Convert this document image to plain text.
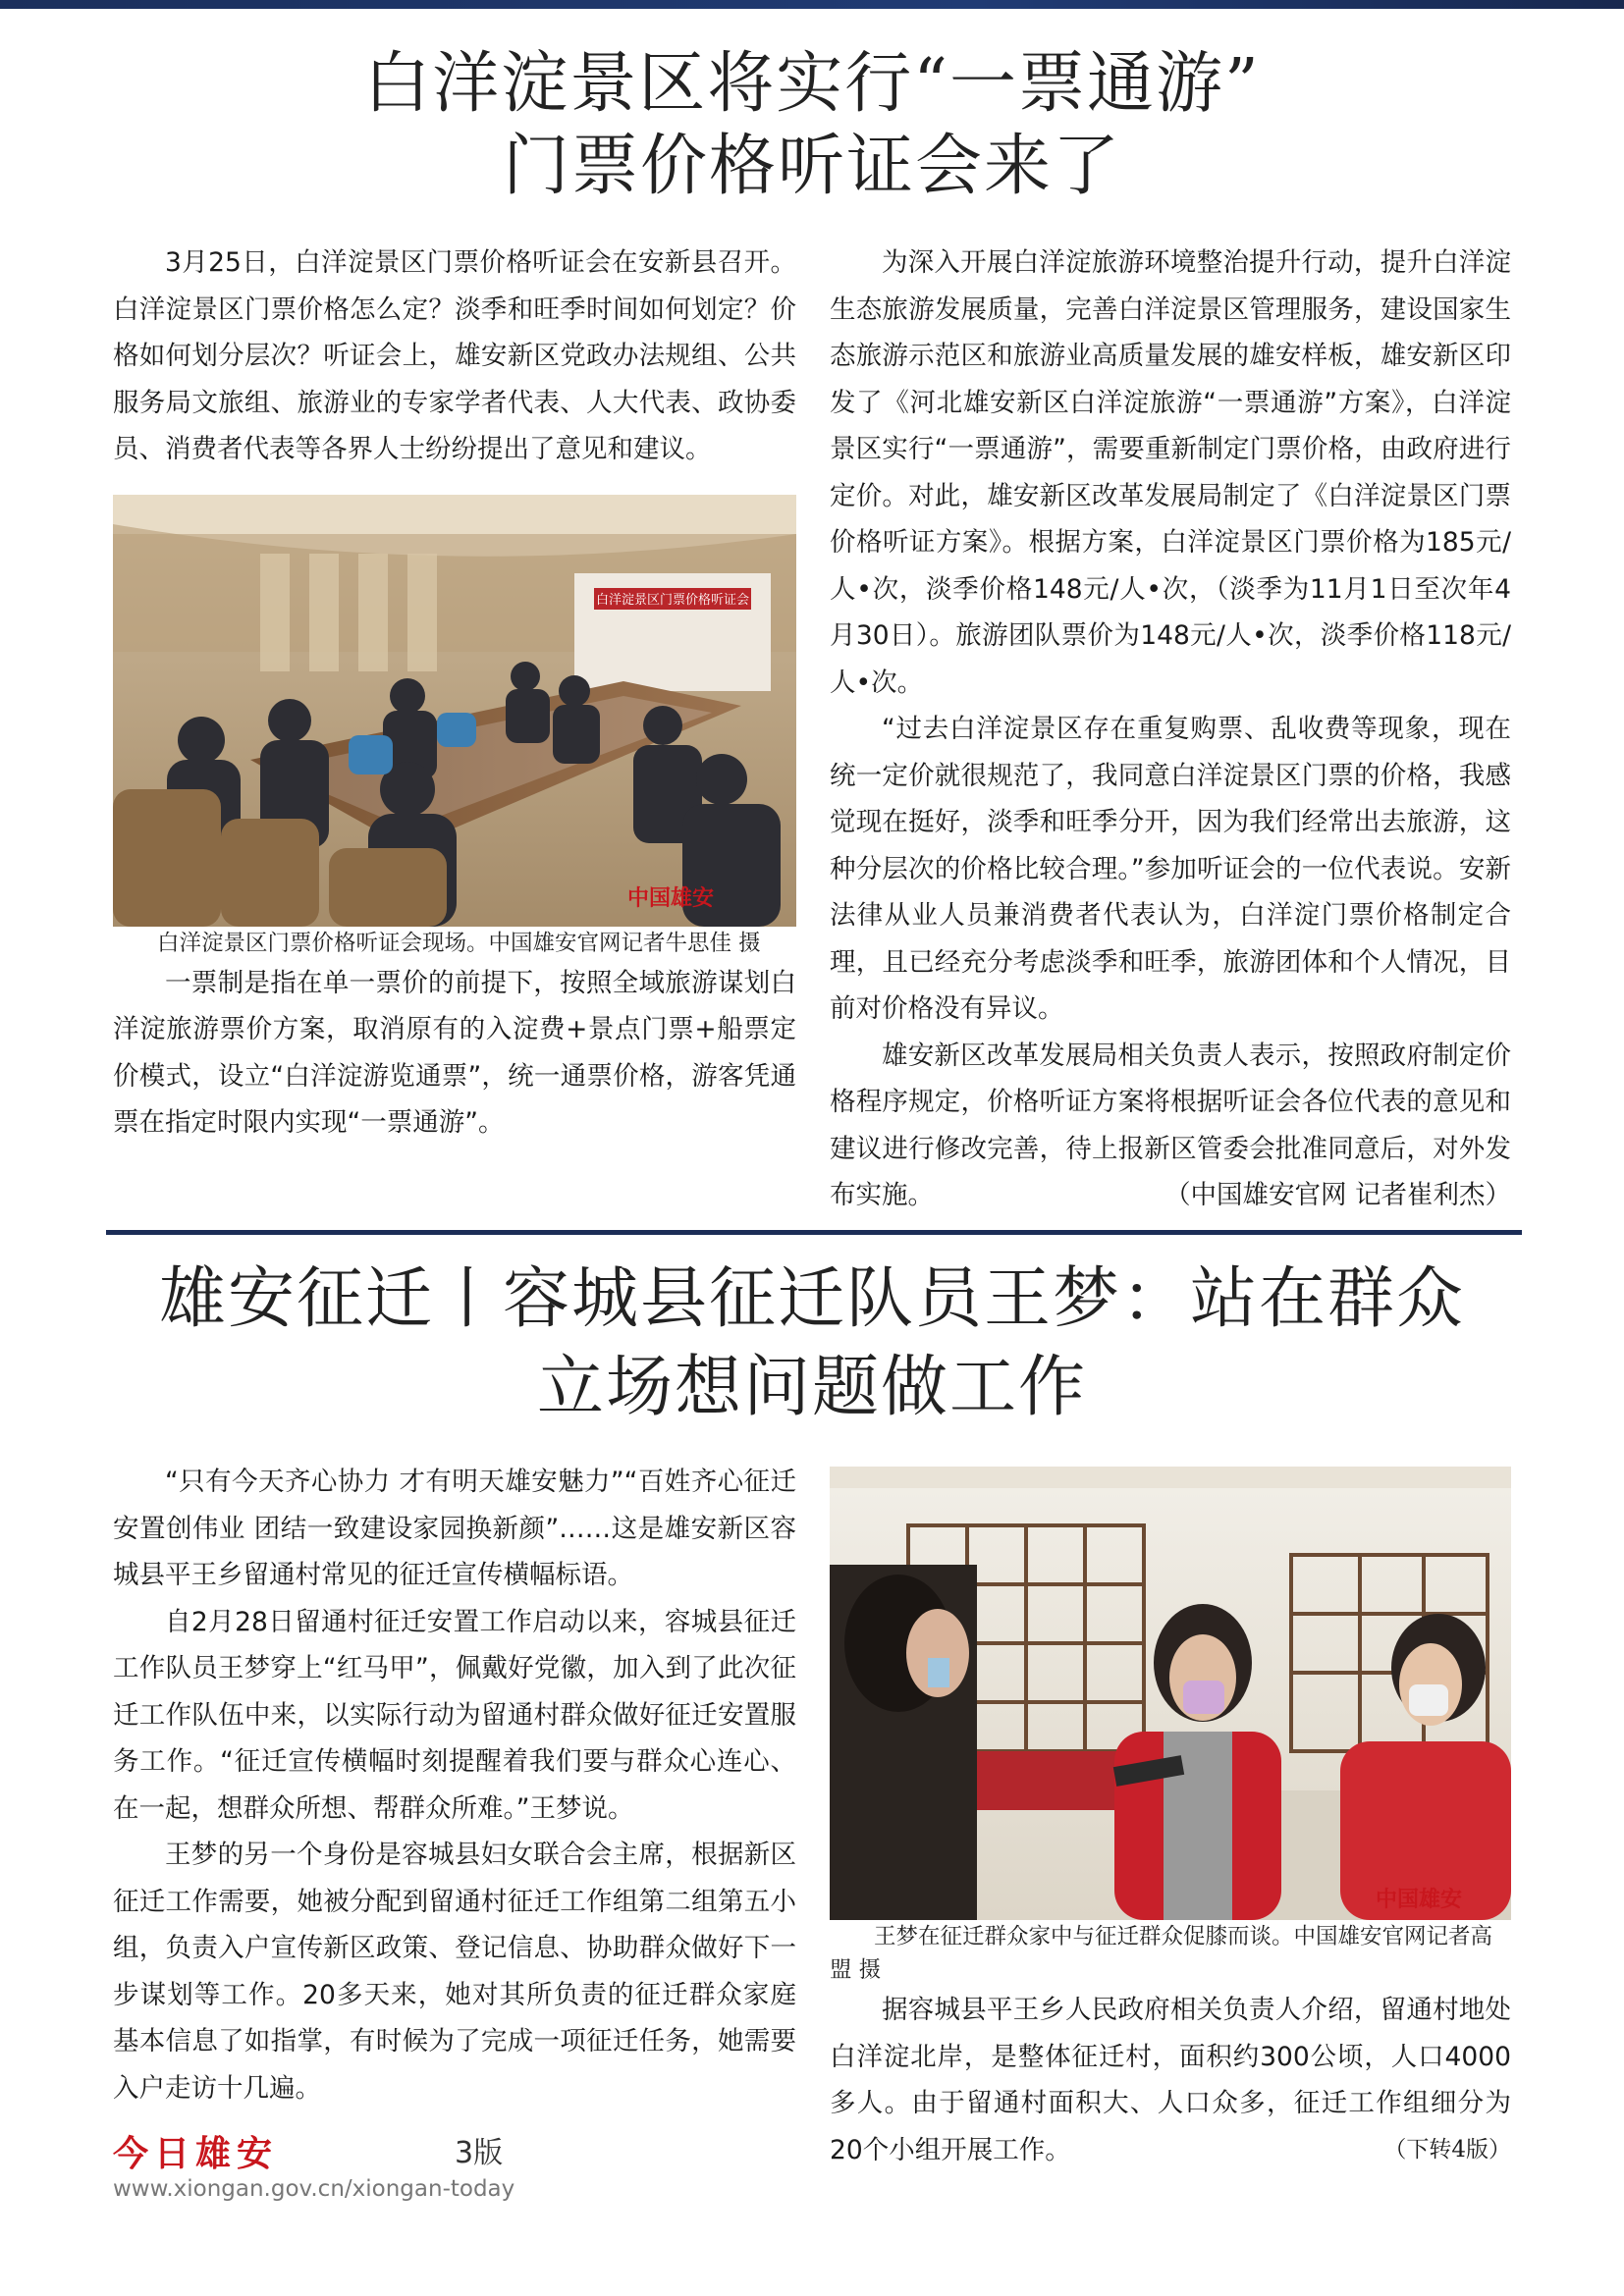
白洋淀景区将实行“一票通游”
门票价格听证会来了

3月25日，白洋淀景区门票价格听证会在安新县召开。白洋淀景区门票价格怎么定？淡季和旺季时间如何划定？价格如何划分层次？听证会上，雄安新区党政办法规组、公共服务局文旅组、旅游业的专家学者代表、人大代表、政协委员、消费者代表等各界人士纷纷提出了意见和建议。

白洋淀景区门票价格听证会
中国雄安

白洋淀景区门票价格听证会现场。中国雄安官网记者牛思佳 摄

一票制是指在单一票价的前提下，按照全域旅游谋划白洋淀旅游票价方案，取消原有的入淀费+景点门票+船票定价模式，设立“白洋淀游览通票”，统一通票价格，游客凭通票在指定时限内实现“一票通游”。

为深入开展白洋淀旅游环境整治提升行动，提升白洋淀生态旅游发展质量，完善白洋淀景区管理服务，建设国家生态旅游示范区和旅游业高质量发展的雄安样板，雄安新区印发了《河北雄安新区白洋淀旅游“一票通游”方案》，白洋淀景区实行“一票通游”，需要重新制定门票价格，由政府进行定价。对此，雄安新区改革发展局制定了《白洋淀景区门票价格听证方案》。根据方案，白洋淀景区门票价格为185元/人•次，淡季价格148元/人•次，（淡季为11月1日至次年4月30日）。旅游团队票价为148元/人•次，淡季价格118元/人•次。

“过去白洋淀景区存在重复购票、乱收费等现象，现在统一定价就很规范了，我同意白洋淀景区门票的价格，我感觉现在挺好，淡季和旺季分开，因为我们经常出去旅游，这种分层次的价格比较合理。”参加听证会的一位代表说。安新法律从业人员兼消费者代表认为，白洋淀门票价格制定合理，且已经充分考虑淡季和旺季，旅游团体和个人情况，目前对价格没有异议。

雄安新区改革发展局相关负责人表示，按照政府制定价格程序规定，价格听证方案将根据听证会各位代表的意见和建议进行修改完善，待上报新区管委会批准同意后，对外发布实施。	（中国雄安官网 记者崔利杰）

雄安征迁丨容城县征迁队员王梦：站在群众
立场想问题做工作

“只有今天齐心协力 才有明天雄安魅力”“百姓齐心征迁安置创伟业 团结一致建设家园换新颜”……这是雄安新区容城县平王乡留通村常见的征迁宣传横幅标语。

自2月28日留通村征迁安置工作启动以来，容城县征迁工作队员王梦穿上“红马甲”，佩戴好党徽，加入到了此次征迁工作队伍中来，以实际行动为留通村群众做好征迁安置服务工作。“征迁宣传横幅时刻提醒着我们要与群众心连心、在一起，想群众所想、帮群众所难。”王梦说。

王梦的另一个身份是容城县妇女联合会主席，根据新区征迁工作需要，她被分配到留通村征迁工作组第二组第五小组，负责入户宣传新区政策、登记信息、协助群众做好下一步谋划等工作。20多天来，她对其所负责的征迁群众家庭基本信息了如指掌，有时候为了完成一项征迁任务，她需要入户走访十几遍。

中国雄安

王梦在征迁群众家中与征迁群众促膝而谈。中国雄安官网记者高盟 摄

据容城县平王乡人民政府相关负责人介绍，留通村地处白洋淀北岸，是整体征迁村，面积约300公顷，人口4000多人。由于留通村面积大、人口众多，征迁工作组细分为20个小组开展工作。	（下转4版）

今日雄安	3版
www.xiongan.gov.cn/xiongan-today
